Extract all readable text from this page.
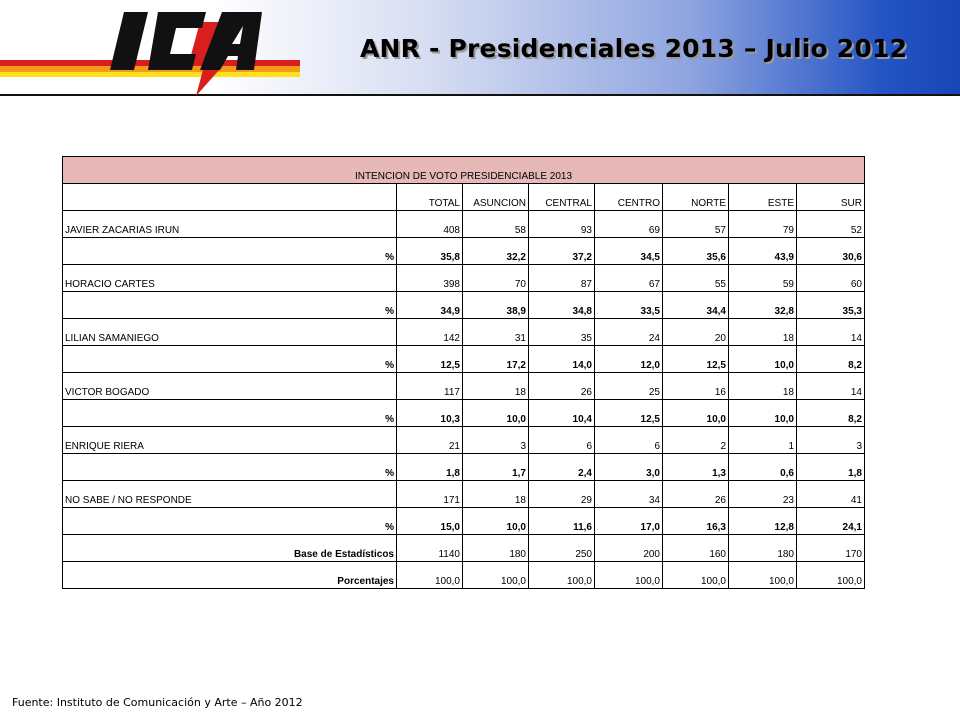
ICA
ANR - Presidenciales 2013 – Julio 2012
INTENCION DE VOTO PRESIDENCIABLE 2013							
	TOTAL	ASUNCION	CENTRAL	CENTRO	NORTE	ESTE	SUR
JAVIER ZACARIAS IRUN	408	58	93	69	57	79	52
%	35,8	32,2	37,2	34,5	35,6	43,9	30,6
HORACIO CARTES	398	70	87	67	55	59	60
%	34,9	38,9	34,8	33,5	34,4	32,8	35,3
LILIAN SAMANIEGO	142	31	35	24	20	18	14
%	12,5	17,2	14,0	12,0	12,5	10,0	8,2
VICTOR BOGADO	117	18	26	25	16	18	14
%	10,3	10,0	10,4	12,5	10,0	10,0	8,2
ENRIQUE RIERA	21	3	6	6	2	1	3
%	1,8	1,7	2,4	3,0	1,3	0,6	1,8
NO SABE / NO RESPONDE	171	18	29	34	26	23	41
%	15,0	10,0	11,6	17,0	16,3	12,8	24,1
Base de Estadísticos	1140	180	250	200	160	180	170
Porcentajes	100,0	100,0	100,0	100,0	100,0	100,0	100,0
Fuente: Instituto de Comunicación y Arte – Año 2012
